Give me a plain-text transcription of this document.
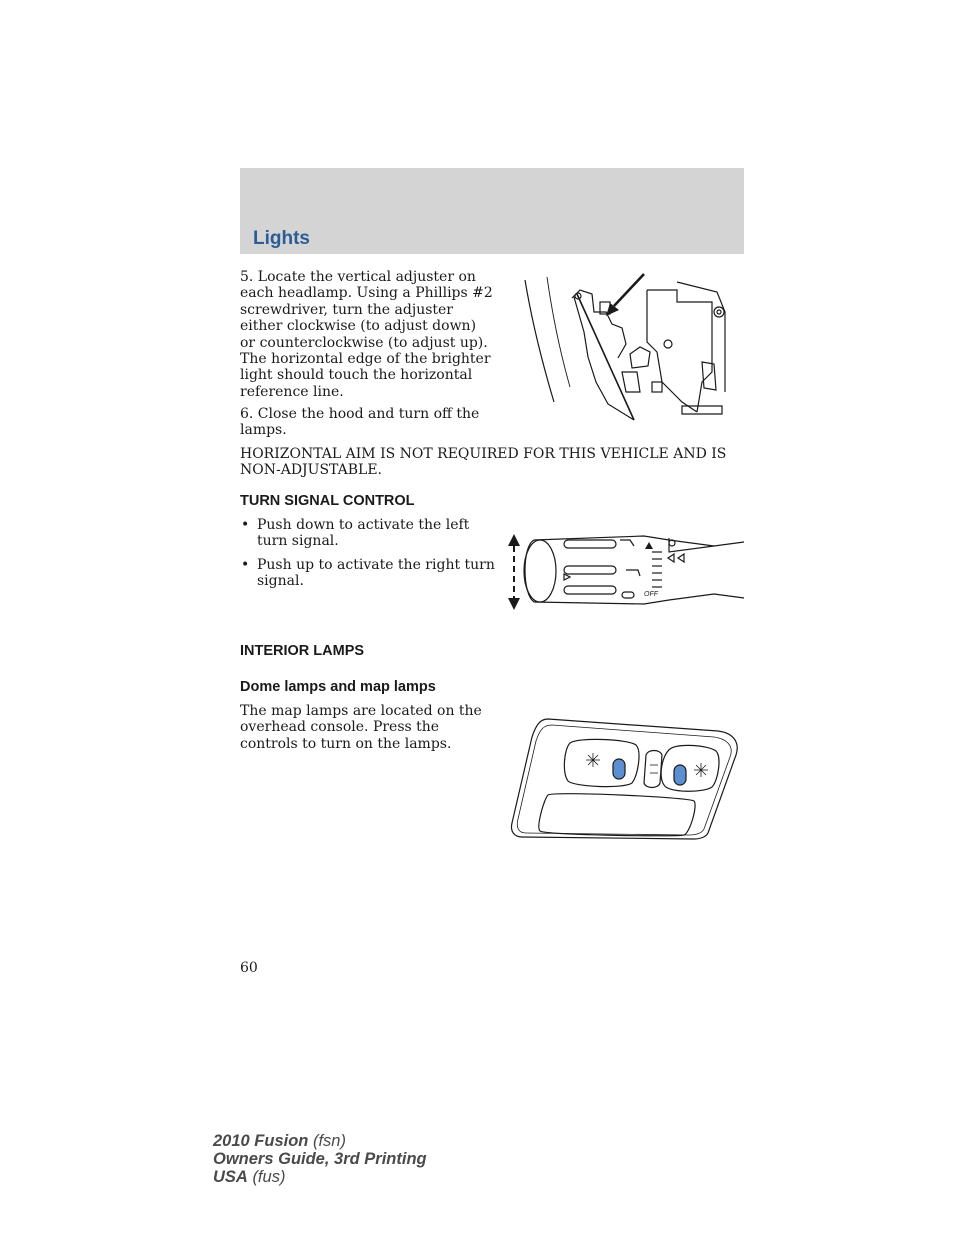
Lights

5. Locate the vertical adjuster on each headlamp. Using a Phillips #2 screwdriver, turn the adjuster either clockwise (to adjust down) or counterclockwise (to adjust up). The horizontal edge of the brighter light should touch the horizontal reference line.

6. Close the hood and turn off the lamps.

HORIZONTAL AIM IS NOT REQUIRED FOR THIS VEHICLE AND IS NON-ADJUSTABLE.

TURN SIGNAL CONTROL
• Push down to activate the left turn signal.
• Push up to activate the right turn signal.
OFF
INTERIOR LAMPS
Dome lamps and map lamps

The map lamps are located on the overhead console. Press the controls to turn on the lamps.

60
2010 Fusion (fsn)
Owners Guide, 3rd Printing
USA (fus)
